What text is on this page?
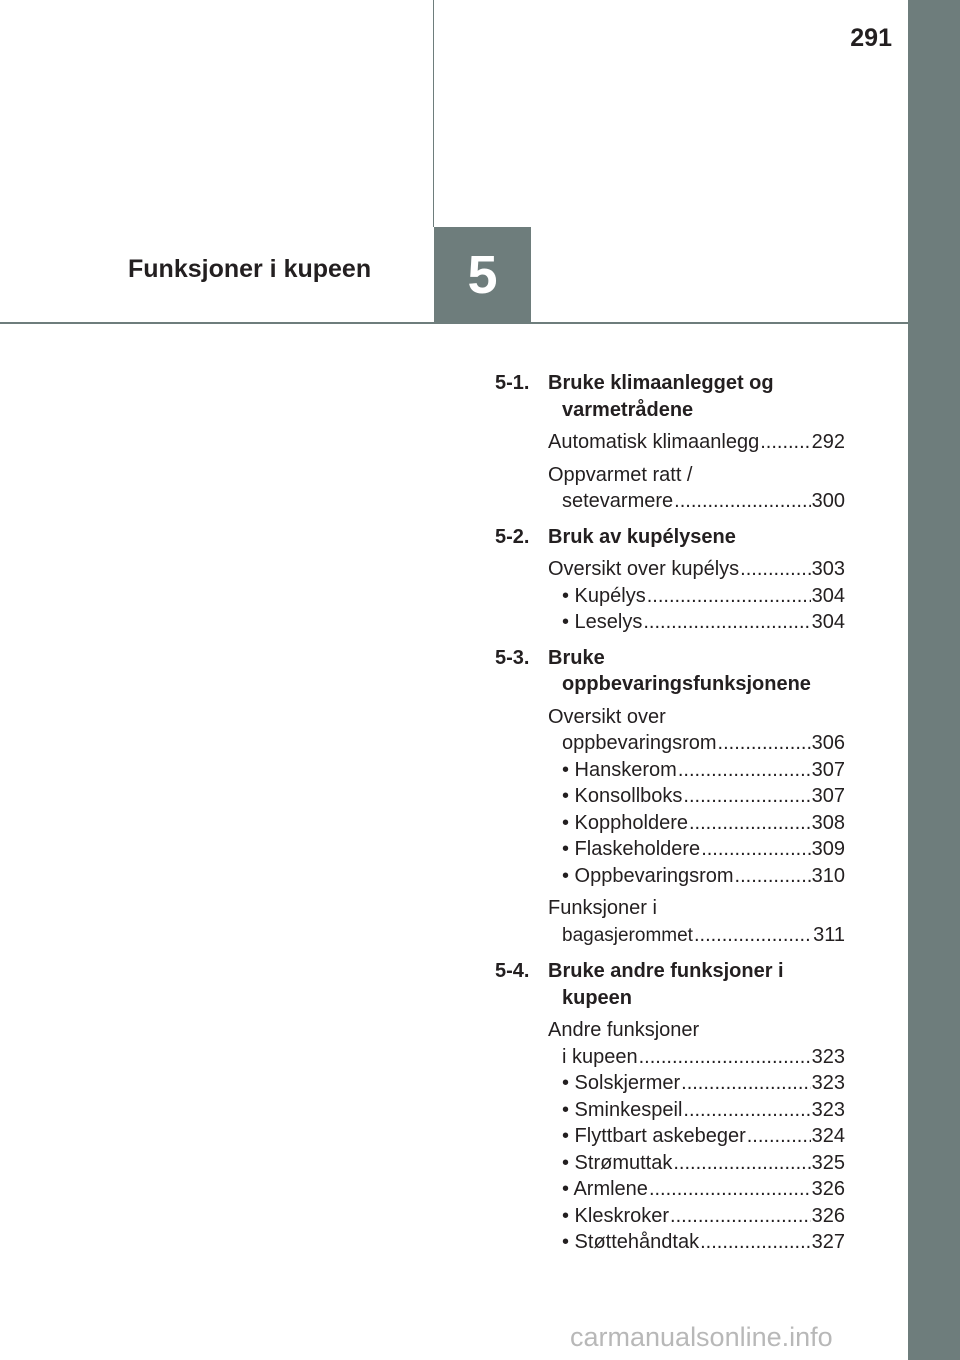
291
Funksjoner i kupeen 5
5-1. Bruke klimaanlegget og varmetrådene
Automatisk klimaanlegg .....	292
Oppvarmet ratt /
setevarmere .....	300
5-2. Bruk av kupélysene
Oversikt over kupélys .....	303
• Kupélys .....	304
• Leselys .....	304
5-3. Bruke oppbevaringsfunksjonene
Oversikt over
oppbevaringsrom .....	306
• Hanskerom .....	307
• Konsollboks .....	307
• Koppholdere .....	308
• Flaskeholdere .....	309
• Oppbevaringsrom .....	310
Funksjoner i
bagasjerommet .....	311
5-4. Bruke andre funksjoner i kupeen
Andre funksjoner
i kupeen .....	323
• Solskjermer .....	323
• Sminkespeil .....	323
• Flyttbart askebeger .....	324
• Strømuttak .....	325
• Armlene .....	326
• Kleskroker .....	326
• Støttehåndtak .....	327
carmanualsonline.info
